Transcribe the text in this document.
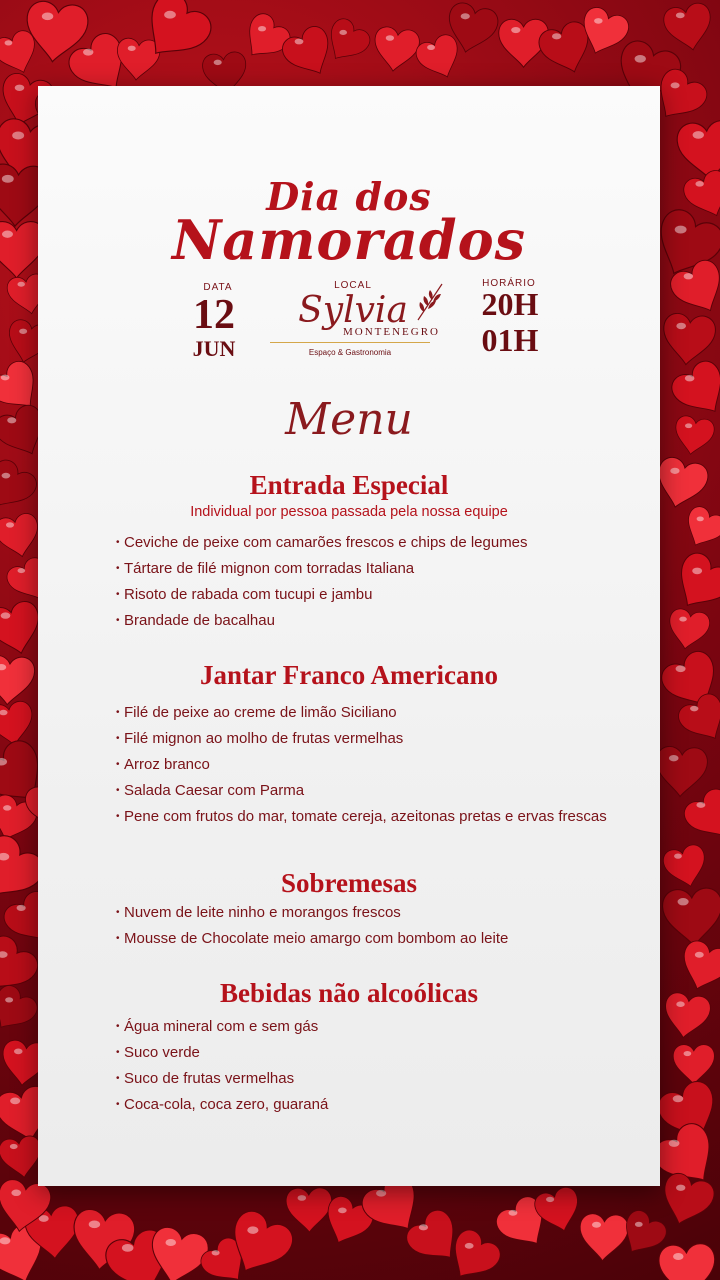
Dia dos
Namorados
DATA
12
JUN
LOCAL
Sylvia
MONTENEGRO
Espaço & Gastronomia
HORÁRIO
20H
01H
Menu
Entrada Especial
Individual por pessoa passada pela nossa equipe
• Ceviche de peixe com camarões frescos e chips de legumes
• Tártare de filé mignon com torradas Italiana
• Risoto de rabada com tucupi e jambu
• Brandade de bacalhau
Jantar Franco Americano
• Filé de peixe ao creme de limão Siciliano
• Filé mignon ao molho de frutas vermelhas
• Arroz branco
• Salada Caesar com Parma
• Pene com frutos do mar, tomate cereja, azeitonas pretas e ervas frescas
Sobremesas
• Nuvem de leite ninho e morangos frescos
• Mousse de Chocolate meio amargo com bombom ao leite
Bebidas não alcoólicas
• Água mineral com e sem gás
• Suco verde
• Suco de frutas vermelhas
• Coca-cola, coca zero, guaraná
